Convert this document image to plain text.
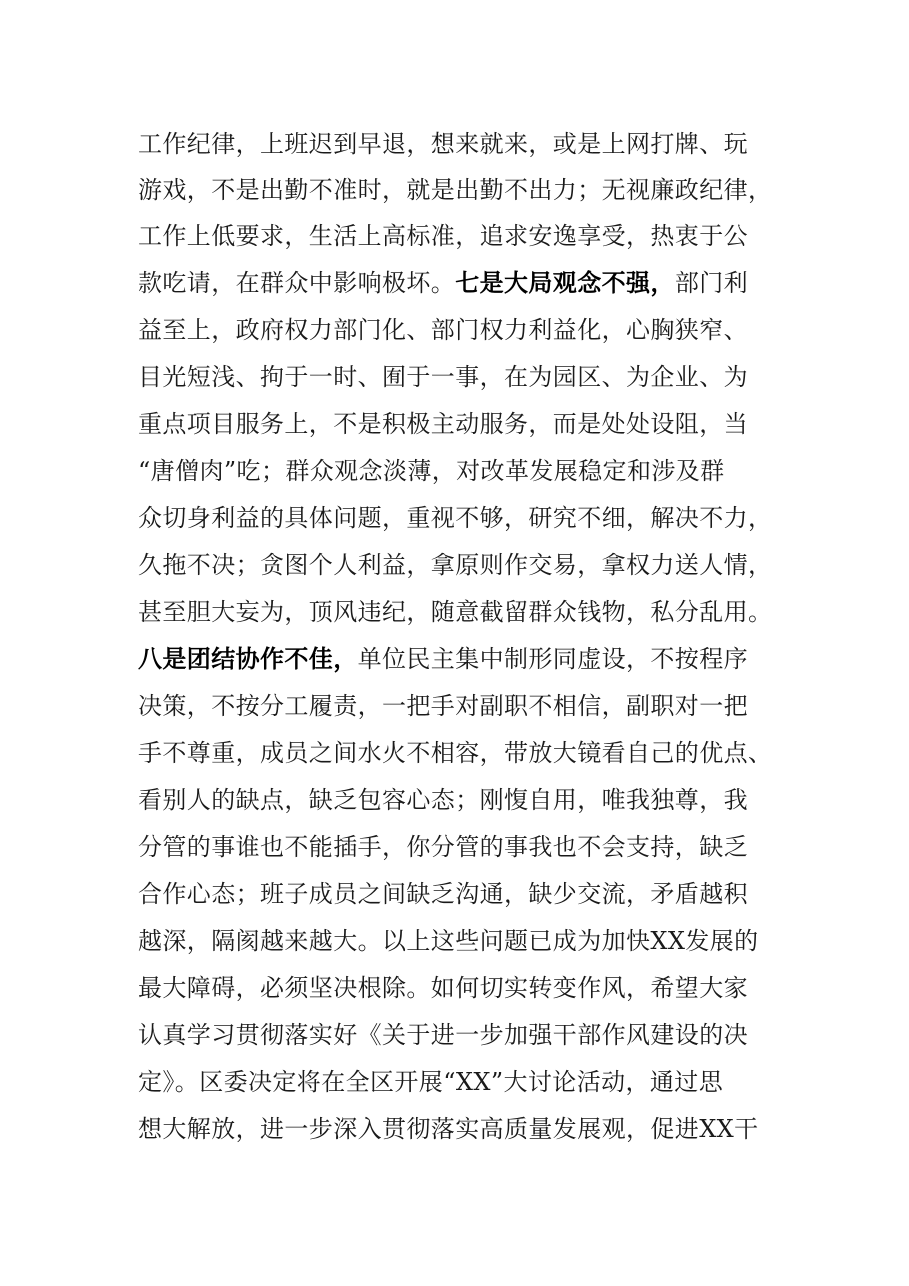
工作纪律，上班迟到早退，想来就来，或是上网打牌、玩
游戏，不是出勤不准时，就是出勤不出力；无视廉政纪律，
工作上低要求，生活上高标准，追求安逸享受，热衷于公
款吃请，在群众中影响极坏。七是大局观念不强，部门利
益至上，政府权力部门化、部门权力利益化，心胸狭窄、
目光短浅、拘于一时、囿于一事，在为园区、为企业、为
重点项目服务上，不是积极主动服务，而是处处设阻，当
“唐僧肉”吃；群众观念淡薄，对改革发展稳定和涉及群
众切身利益的具体问题，重视不够，研究不细，解决不力，
久拖不决；贪图个人利益，拿原则作交易，拿权力送人情，
甚至胆大妄为，顶风违纪，随意截留群众钱物，私分乱用。
八是团结协作不佳，单位民主集中制形同虚设，不按程序
决策，不按分工履责，一把手对副职不相信，副职对一把
手不尊重，成员之间水火不相容，带放大镜看自己的优点、
看别人的缺点，缺乏包容心态；刚愎自用，唯我独尊，我
分管的事谁也不能插手，你分管的事我也不会支持，缺乏
合作心态；班子成员之间缺乏沟通，缺少交流，矛盾越积
越深，隔阂越来越大。以上这些问题已成为加快XX发展的
最大障碍，必须坚决根除。如何切实转变作风，希望大家
认真学习贯彻落实好《关于进一步加强干部作风建设的决
定》。区委决定将在全区开展“XX”大讨论活动，通过思
想大解放，进一步深入贯彻落实高质量发展观，促进XX干
